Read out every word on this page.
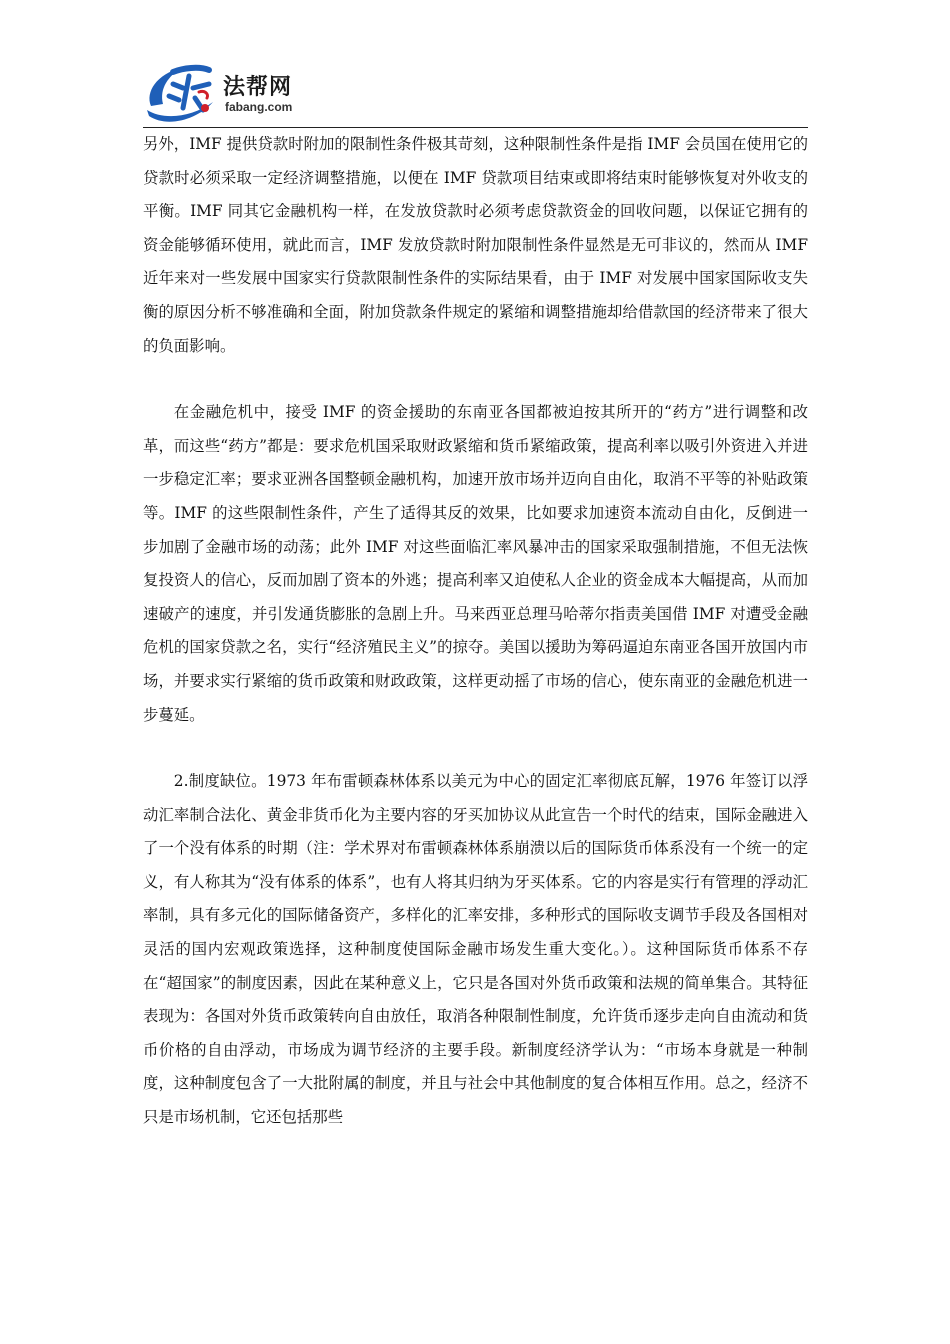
法帮网
fabang.com

另外，IMF 提供贷款时附加的限制性条件极其苛刻，这种限制性条件是指 IMF 会员国在使用它的贷款时必须采取一定经济调整措施，以便在 IMF 贷款项目结束或即将结束时能够恢复对外收支的平衡。IMF 同其它金融机构一样，在发放贷款时必须考虑贷款资金的回收问题，以保证它拥有的资金能够循环使用，就此而言，IMF 发放贷款时附加限制性条件显然是无可非议的，然而从 IMF 近年来对一些发展中国家实行贷款限制性条件的实际结果看，由于 IMF 对发展中国家国际收支失衡的原因分析不够准确和全面，附加贷款条件规定的紧缩和调整措施却给借款国的经济带来了很大的负面影响。

在金融危机中，接受 IMF 的资金援助的东南亚各国都被迫按其所开的“药方”进行调整和改革，而这些“药方”都是：要求危机国采取财政紧缩和货币紧缩政策，提高利率以吸引外资进入并进一步稳定汇率；要求亚洲各国整顿金融机构，加速开放市场并迈向自由化，取消不平等的补贴政策等。IMF 的这些限制性条件，产生了适得其反的效果，比如要求加速资本流动自由化，反倒进一步加剧了金融市场的动荡；此外 IMF 对这些面临汇率风暴冲击的国家采取强制措施，不但无法恢复投资人的信心，反而加剧了资本的外逃；提高利率又迫使私人企业的资金成本大幅提高，从而加速破产的速度，并引发通货膨胀的急剧上升。马来西亚总理马哈蒂尔指责美国借 IMF 对遭受金融危机的国家贷款之名，实行“经济殖民主义”的掠夺。美国以援助为筹码逼迫东南亚各国开放国内市场，并要求实行紧缩的货币政策和财政政策，这样更动摇了市场的信心，使东南亚的金融危机进一步蔓延。

2.制度缺位。1973 年布雷顿森林体系以美元为中心的固定汇率彻底瓦解，1976 年签订以浮动汇率制合法化、黄金非货币化为主要内容的牙买加协议从此宣告一个时代的结束，国际金融进入了一个没有体系的时期（注：学术界对布雷顿森林体系崩溃以后的国际货币体系没有一个统一的定义，有人称其为“没有体系的体系”，也有人将其归纳为牙买体系。它的内容是实行有管理的浮动汇率制，具有多元化的国际储备资产，多样化的汇率安排，多种形式的国际收支调节手段及各国相对灵活的国内宏观政策选择，这种制度使国际金融市场发生重大变化。）。这种国际货币体系不存在“超国家”的制度因素，因此在某种意义上，它只是各国对外货币政策和法规的简单集合。其特征表现为：各国对外货币政策转向自由放任，取消各种限制性制度，允许货币逐步走向自由流动和货币价格的自由浮动，市场成为调节经济的主要手段。新制度经济学认为：“市场本身就是一种制度，这种制度包含了一大批附属的制度，并且与社会中其他制度的复合体相互作用。总之，经济不只是市场机制，它还包括那些
